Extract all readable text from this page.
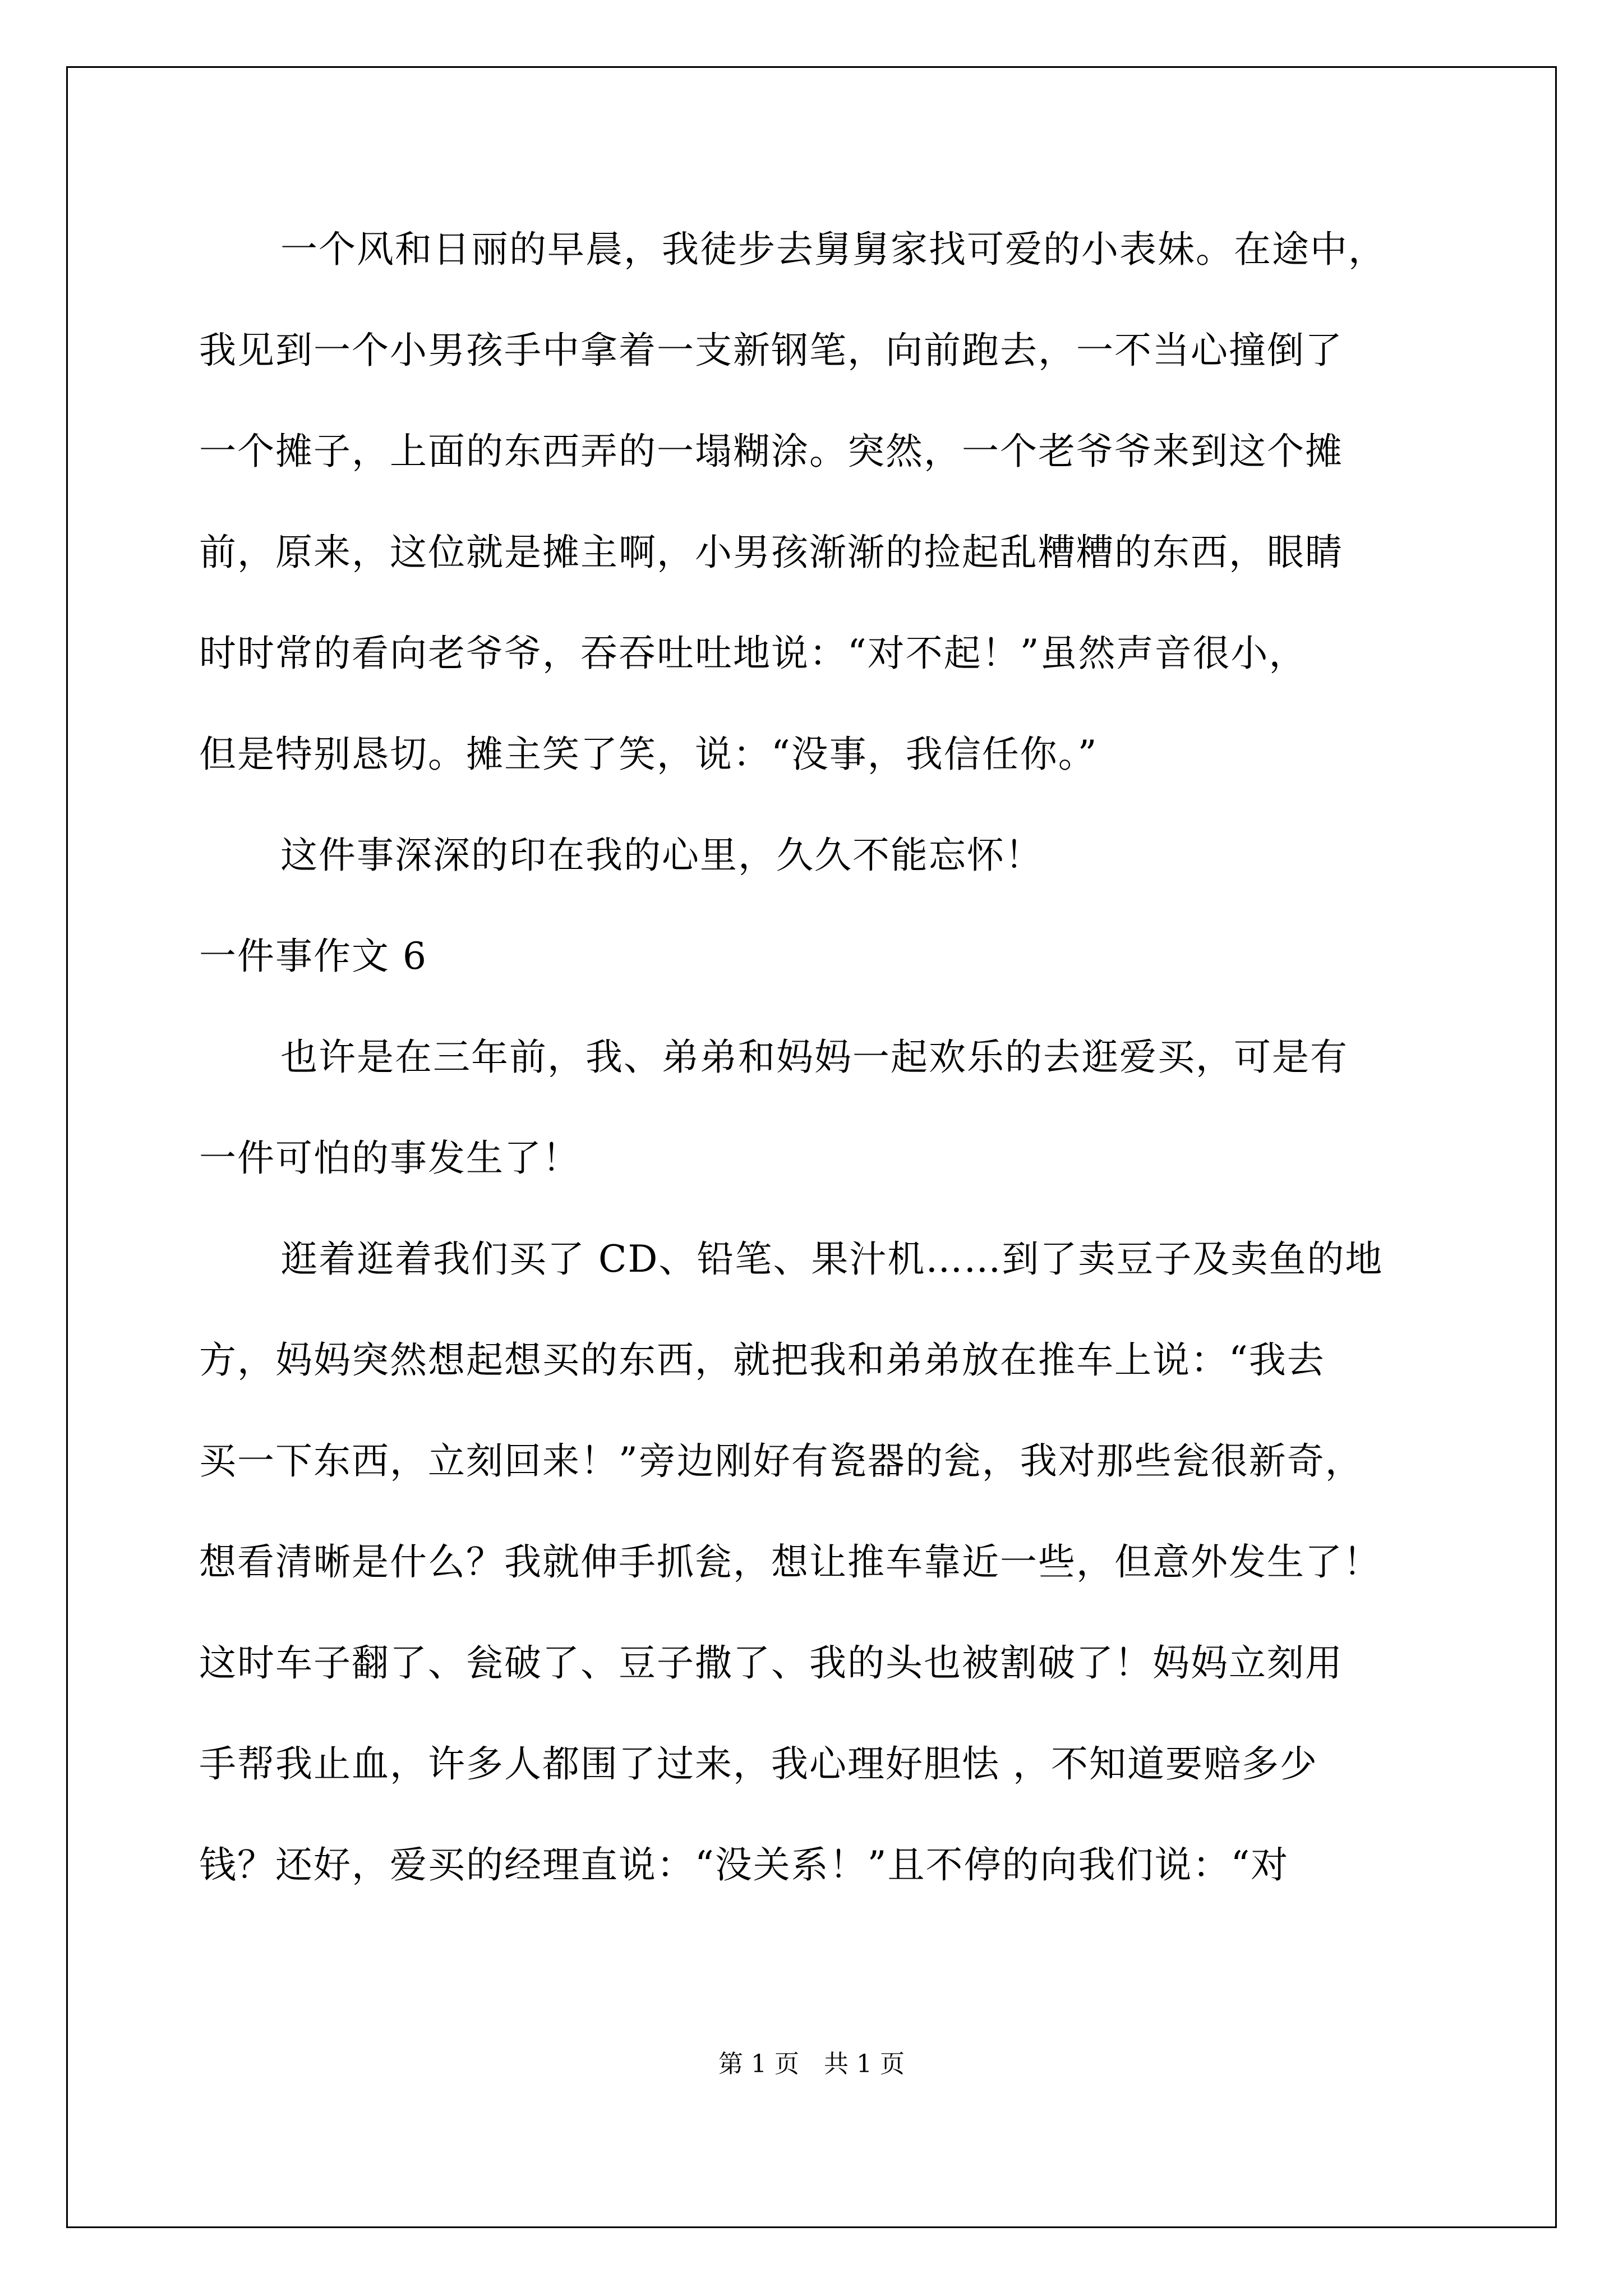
一个风和日丽的早晨，我徒步去舅舅家找可爱的小表妹。在途中，
我见到一个小男孩手中拿着一支新钢笔，向前跑去，一不当心撞倒了
一个摊子，上面的东西弄的一塌糊涂。突然，一个老爷爷来到这个摊
前，原来，这位就是摊主啊，小男孩渐渐的捡起乱糟糟的东西，眼睛
时时常的看向老爷爷，吞吞吐吐地说：“对不起！”虽然声音很小，
但是特别恳切。摊主笑了笑，说：“没事，我信任你。”
这件事深深的印在我的心里，久久不能忘怀！
一件事作文 6
也许是在三年前，我、弟弟和妈妈一起欢乐的去逛爱买，可是有
一件可怕的事发生了！
逛着逛着我们买了 CD、铅笔、果汁机……到了卖豆子及卖鱼的地
方，妈妈突然想起想买的东西，就把我和弟弟放在推车上说：“我去
买一下东西，立刻回来！”旁边刚好有瓷器的瓮，我对那些瓮很新奇，
想看清晰是什么？我就伸手抓瓮，想让推车靠近一些，但意外发生了！
这时车子翻了、瓮破了、豆子撒了、我的头也被割破了！妈妈立刻用
手帮我止血，许多人都围了过来，我心理好胆怯 ，不知道要赔多少
钱？还好，爱买的经理直说：“没关系！”且不停的向我们说：“对
第 1 页　共 1 页
